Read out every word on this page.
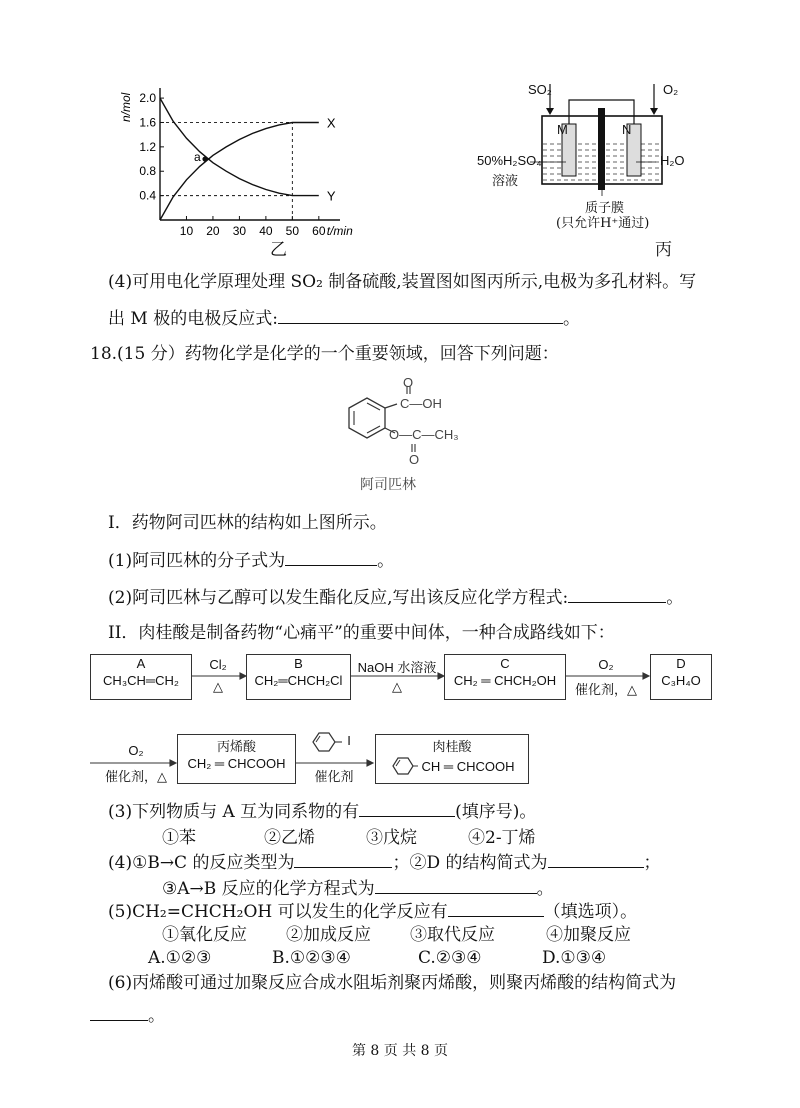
10 20 30 40 50 60
0.4
0.8
1.2
1.6
2.0
X
Y
a
t/min
n/mol
乙
SO₂	O₂
M	N
50%H₂SO₄
溶液
H₂O
质子膜
(只允许H⁺通过)
丙
(4)可用电化学原理处理 SO₂ 制备硫酸,装置图如图丙所示,电极为多孔材料。写
出 M 极的电极反应式:	。
18.(15 分）药物化学是化学的一个重要领域，回答下列问题：
O
C—OH
O—C—CH₃
O
阿司匹林
I．药物阿司匹林的结构如上图所示。
(1)阿司匹林的分子式为	。
(2)阿司匹林与乙醇可以发生酯化反应,写出该反应化学方程式:	。
II．肉桂酸是制备药物“心痛平”的重要中间体，一种合成路线如下：
A
CH₃CH═CH₂
Cl₂
△
B
CH₂═CHCH₂Cl
NaOH 水溶液
△
C
CH₂ ═ CHCH₂OH
O₂
催化剂，△
D
C₃H₄O
O₂
催化剂，△
丙烯酸
CH₂ ═ CHCOOH
I
催化剂
肉桂酸
CH ═ CHCOOH
(3)下列物质与 A 互为同系物的有	(填序号)。
①苯	②乙烯	③戊烷	④2-丁烯
(4)①B→C 的反应类型为	；②D 的结构简式为	；
③A→B 反应的化学方程式为	。
(5)CH₂=CHCH₂OH 可以发生的化学反应有	（填选项）。
①氧化反应 ②加成反应 ③取代反应	④加聚反应
A.①②③	B.①②③④	C.②③④	D.①③④
(6)丙烯酸可通过加聚反应合成水阻垢剂聚丙烯酸，则聚丙烯酸的结构简式为
。
第 8 页 共 8 页
